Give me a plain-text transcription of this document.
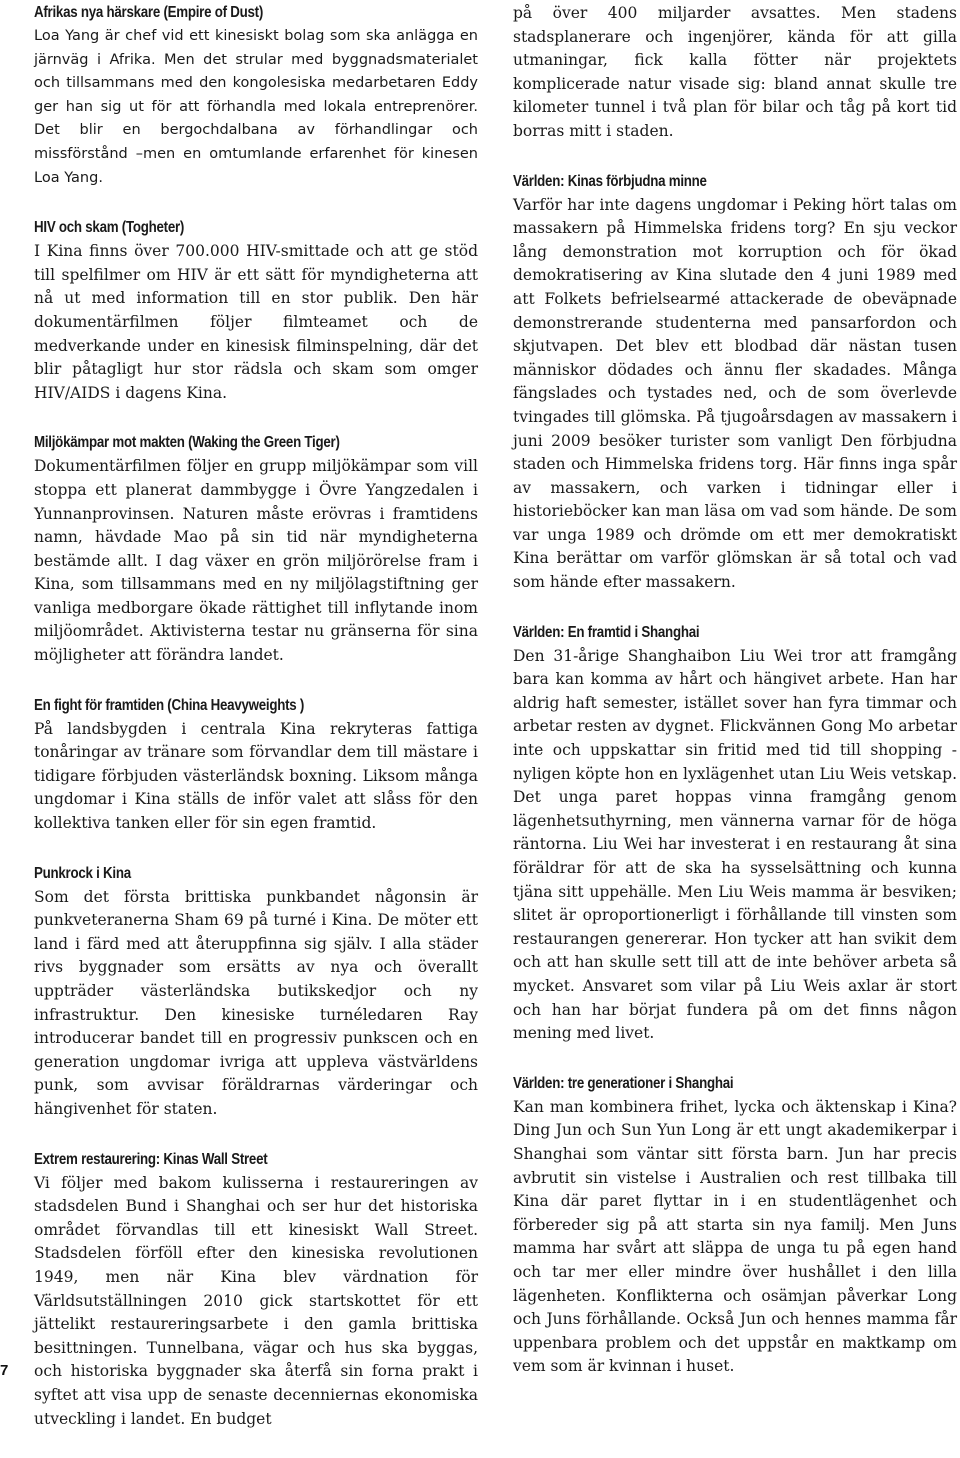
Afrikas nya härskare (Empire of Dust)

Loa Yang är chef vid ett kinesiskt bolag som ska anlägga en järnväg i Afrika. Men det strular med byggnadsmaterialet och tillsammans med den kongolesiska medarbetaren Eddy ger han sig ut för att förhandla med lokala entreprenörer. Det blir en bergochdalbana av förhandlingar och missförstånd –men en omtumlande erfarenhet för kinesen Loa Yang.

HIV och skam (Togheter)

I Kina finns över 700.000 HIV-smittade och att ge stöd till spelfilmer om HIV är ett sätt för myndigheterna att nå ut med information till en stor publik. Den här dokumentärfilmen följer filmteamet och de medverkande under en kinesisk filminspelning, där det blir påtagligt hur stor rädsla och skam som omger HIV/AIDS i dagens Kina.

Miljökämpar mot makten (Waking the Green Tiger)

Dokumentärfilmen följer en grupp miljökämpar som vill stoppa ett planerat dammbygge i Övre Yangzedalen i Yunnanprovinsen. Naturen måste erövras i framtidens namn, hävdade Mao på sin tid när myndigheterna bestämde allt. I dag växer en grön miljörörelse fram i Kina, som tillsammans med en ny miljölagstiftning ger vanliga medborgare ökade rättighet till inflytande inom miljöområdet. Aktivisterna testar nu gränserna för sina möjligheter att förändra landet.

En fight för framtiden (China Heavyweights )

På landsbygden i centrala Kina rekryteras fattiga tonåringar av tränare som förvandlar dem till mästare i tidigare förbjuden västerländsk boxning. Liksom många ungdomar i Kina ställs de inför valet att slåss för den kollektiva tanken eller för sin egen framtid.

Punkrock i Kina

Som det första brittiska punkbandet någonsin är punkveteranerna Sham 69 på turné i Kina. De möter ett land i färd med att återuppfinna sig själv. I alla städer rivs byggnader som ersätts av nya och överallt uppträder västerländska butikskedjor och ny infrastruktur. Den kinesiske turnéledaren Ray introducerar bandet till en progressiv punkscen och en generation ungdomar ivriga att uppleva västvärldens punk, som avvisar föräldrarnas värderingar och hängivenhet för staten.

Extrem restaurering: Kinas Wall Street

Vi följer med bakom kulisserna i restaureringen av stadsdelen Bund i Shanghai och ser hur det historiska området förvandlas till ett kinesiskt Wall Street. Stadsdelen förföll efter den kinesiska revolutionen 1949, men när Kina blev värdnation för Världsutställningen 2010 gick startskottet för ett jättelikt restaureringsarbete i den gamla brittiska besittningen. Tunnelbana, vägar och hus ska byggas, och historiska byggnader ska återfå sin forna prakt i syftet att visa upp de senaste decenniernas ekonomiska utveckling i landet. En budget

på över 400 miljarder avsattes. Men stadens stadsplanerare och ingenjörer, kända för att gilla utmaningar, fick kalla fötter när projektets komplicerade natur visade sig: bland annat skulle tre kilometer tunnel i två plan för bilar och tåg på kort tid borras mitt i staden.

Världen: Kinas förbjudna minne

Varför har inte dagens ungdomar i Peking hört talas om massakern på Himmelska fridens torg? En sju veckor lång demonstration mot korruption och för ökad demokratisering av Kina slutade den 4 juni 1989 med att Folkets befrielsearmé attackerade de obeväpnade demonstrerande studenterna med pansarfordon och skjutvapen. Det blev ett blodbad där nästan tusen människor dödades och ännu fler skadades. Många fängslades och tystades ned, och de som överlevde tvingades till glömska. På tjugoårsdagen av massakern i juni 2009 besöker turister som vanligt Den förbjudna staden och Himmelska fridens torg. Här finns inga spår av massakern, och varken i tidningar eller i historieböcker kan man läsa om vad som hände. De som var unga 1989 och drömde om ett mer demokratiskt Kina berättar om varför glömskan är så total och vad som hände efter massakern.

Världen: En framtid i Shanghai

Den 31-årige Shanghaibon Liu Wei tror att framgång bara kan komma av hårt och hängivet arbete. Han har aldrig haft semester, istället sover han fyra timmar och arbetar resten av dygnet. Flickvännen Gong Mo arbetar inte och uppskattar sin fritid med tid till shopping - nyligen köpte hon en lyxlägenhet utan Liu Weis vetskap. Det unga paret hoppas vinna framgång genom lägenhetsuthyrning, men vännerna varnar för de höga räntorna. Liu Wei har investerat i en restaurang åt sina föräldrar för att de ska ha sysselsättning och kunna tjäna sitt uppehälle. Men Liu Weis mamma är besviken; slitet är oproportionerligt i förhållande till vinsten som restaurangen genererar. Hon tycker att han svikit dem och att han skulle sett till att de inte behöver arbeta så mycket. Ansvaret som vilar på Liu Weis axlar är stort och han har börjat fundera på om det finns någon mening med livet.

Världen: tre generationer i Shanghai

Kan man kombinera frihet, lycka och äktenskap i Kina? Ding Jun och Sun Yun Long är ett ungt akademikerpar i Shanghai som väntar sitt första barn. Jun har precis avbrutit sin vistelse i Australien och rest tillbaka till Kina där paret flyttar in i en studentlägenhet och förbereder sig på att starta sin nya familj. Men Juns mamma har svårt att släppa de unga tu på egen hand och tar mer eller mindre över hushållet i den lilla lägenheten. Konflikterna och osämjan påverkar Long och Juns förhållande. Också Jun och hennes mamma får uppenbara problem och det uppstår en maktkamp om vem som är kvinnan i huset.

7
